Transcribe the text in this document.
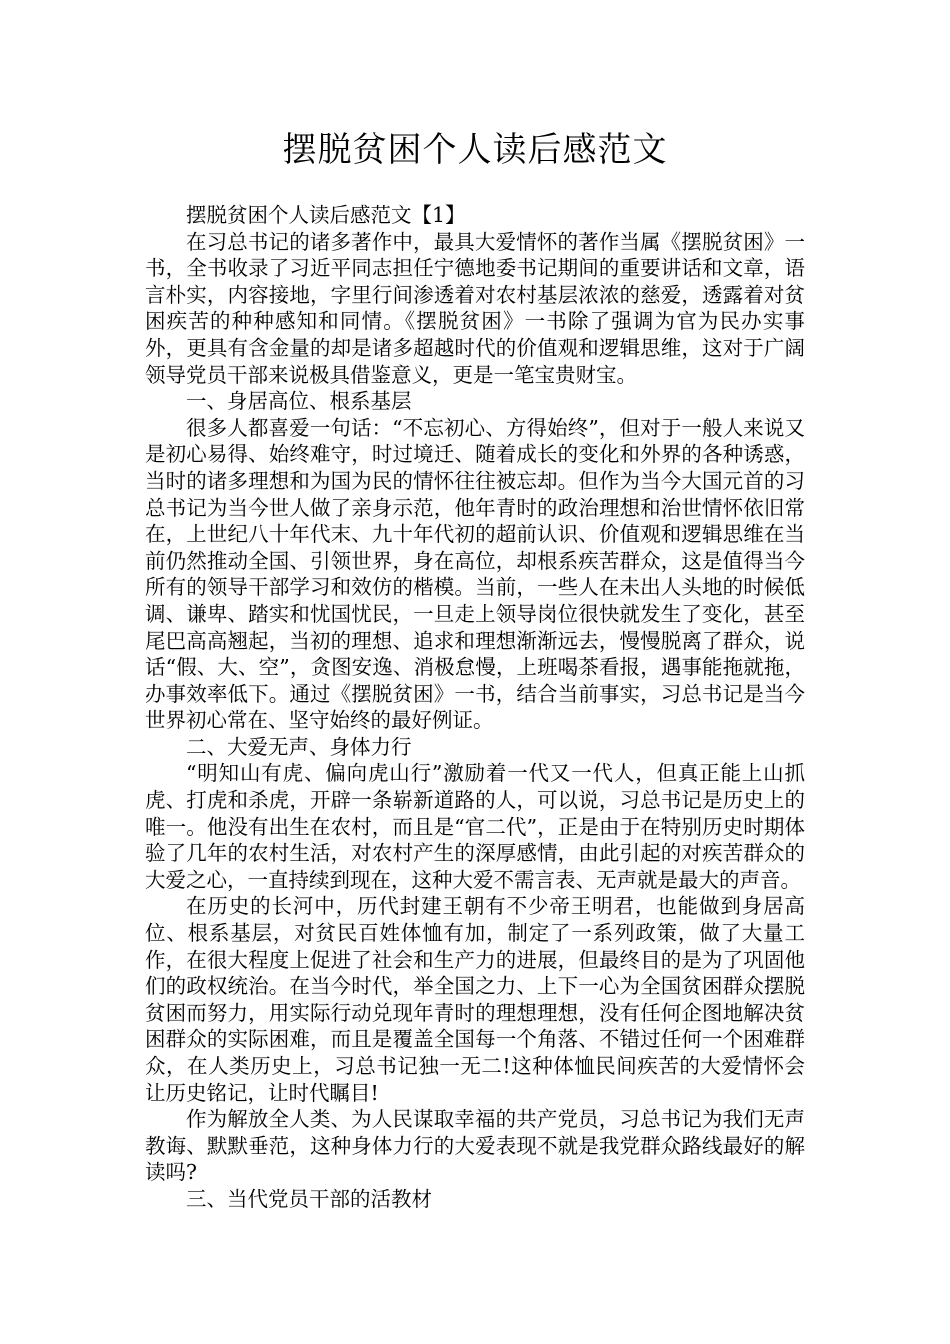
摆脱贫困个人读后感范文

摆脱贫困个人读后感范文【1】

在习总书记的诸多著作中，最具大爱情怀的著作当属《摆脱贫困》一书，全书收录了习近平同志担任宁德地委书记期间的重要讲话和文章，语言朴实，内容接地，字里行间渗透着对农村基层浓浓的慈爱，透露着对贫困疾苦的种种感知和同情。《摆脱贫困》一书除了强调为官为民办实事外，更具有含金量的却是诸多超越时代的价值观和逻辑思维，这对于广阔领导党员干部来说极具借鉴意义，更是一笔宝贵财宝。

一、身居高位、根系基层

很多人都喜爱一句话：“不忘初心、方得始终”，但对于一般人来说又是初心易得、始终难守，时过境迁、随着成长的变化和外界的各种诱惑，当时的诸多理想和为国为民的情怀往往被忘却。但作为当今大国元首的习总书记为当今世人做了亲身示范，他年青时的政治理想和治世情怀依旧常在，上世纪八十年代末、九十年代初的超前认识、价值观和逻辑思维在当前仍然推动全国、引领世界，身在高位，却根系疾苦群众，这是值得当今所有的领导干部学习和效仿的楷模。当前，一些人在未出人头地的时候低调、谦卑、踏实和忧国忧民，一旦走上领导岗位很快就发生了变化，甚至尾巴高高翘起，当初的理想、追求和理想渐渐远去，慢慢脱离了群众，说话“假、大、空”，贪图安逸、消极怠慢，上班喝茶看报，遇事能拖就拖，办事效率低下。通过《摆脱贫困》一书，结合当前事实，习总书记是当今世界初心常在、坚守始终的最好例证。

二、大爱无声、身体力行

“明知山有虎、偏向虎山行”激励着一代又一代人，但真正能上山抓虎、打虎和杀虎，开辟一条崭新道路的人，可以说，习总书记是历史上的唯一。他没有出生在农村，而且是“官二代”，正是由于在特别历史时期体验了几年的农村生活，对农村产生的深厚感情，由此引起的对疾苦群众的大爱之心，一直持续到现在，这种大爱不需言表、无声就是最大的声音。

在历史的长河中，历代封建王朝有不少帝王明君，也能做到身居高位、根系基层，对贫民百姓体恤有加，制定了一系列政策，做了大量工作，在很大程度上促进了社会和生产力的进展，但最终目的是为了巩固他们的政权统治。在当今时代，举全国之力、上下一心为全国贫困群众摆脱贫困而努力，用实际行动兑现年青时的理想理想，没有任何企图地解决贫困群众的实际困难，而且是覆盖全国每一个角落、不错过任何一个困难群众，在人类历史上，习总书记独一无二!这种体恤民间疾苦的大爱情怀会让历史铭记，让时代瞩目!

作为解放全人类、为人民谋取幸福的共产党员，习总书记为我们无声教诲、默默垂范，这种身体力行的大爱表现不就是我党群众路线最好的解读吗?

三、当代党员干部的活教材
